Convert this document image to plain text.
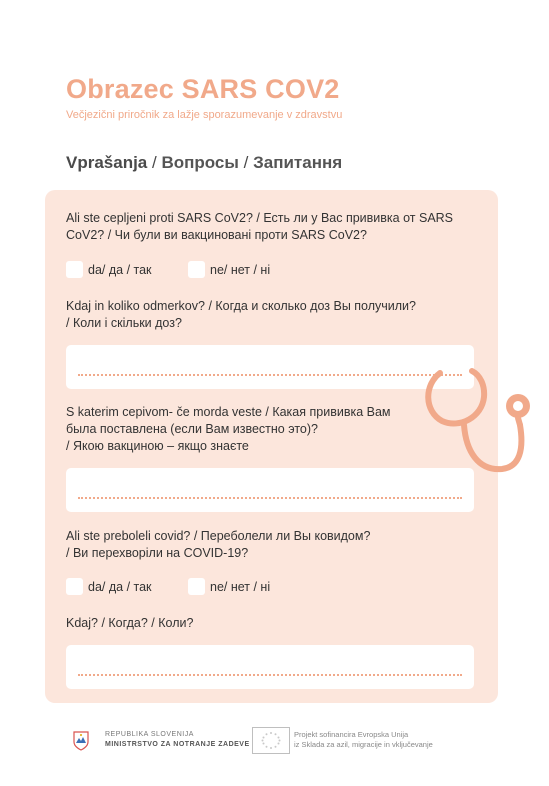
Obrazec SARS COV2
Večjezični priročnik za lažje sporazumevanje v zdravstvu
Vprašanja / Вопросы / Запитання
Ali ste cepljeni proti SARS CoV2? / Есть ли у Вас прививка от SARS
CoV2? / Чи були ви вакциновані проти SARS CoV2?
da / да / так	ne / нет / ні
Kdaj in koliko odmerkov? / Когда и сколько доз Вы получили?
/ Коли і скільки доз?
S katerim cepivom- če morda veste / Какая прививка Вам
была поставлена (если Вам известно это)?
/ Якою вакциною – якщо знаєте
Ali ste preboleli covid? / Переболели ли Вы ковидом?
/ Ви перехворіли на COVID-19?
da / да / так	ne / нет / ні
Kdaj? / Когда? / Коли?
REPUBLIKA SLOVENIJA
MINISTRSTVO ZA NOTRANJE ZADEVE
Projekt sofinancira Evropska Unija
iz Sklada za azil, migracije in vključevanje
